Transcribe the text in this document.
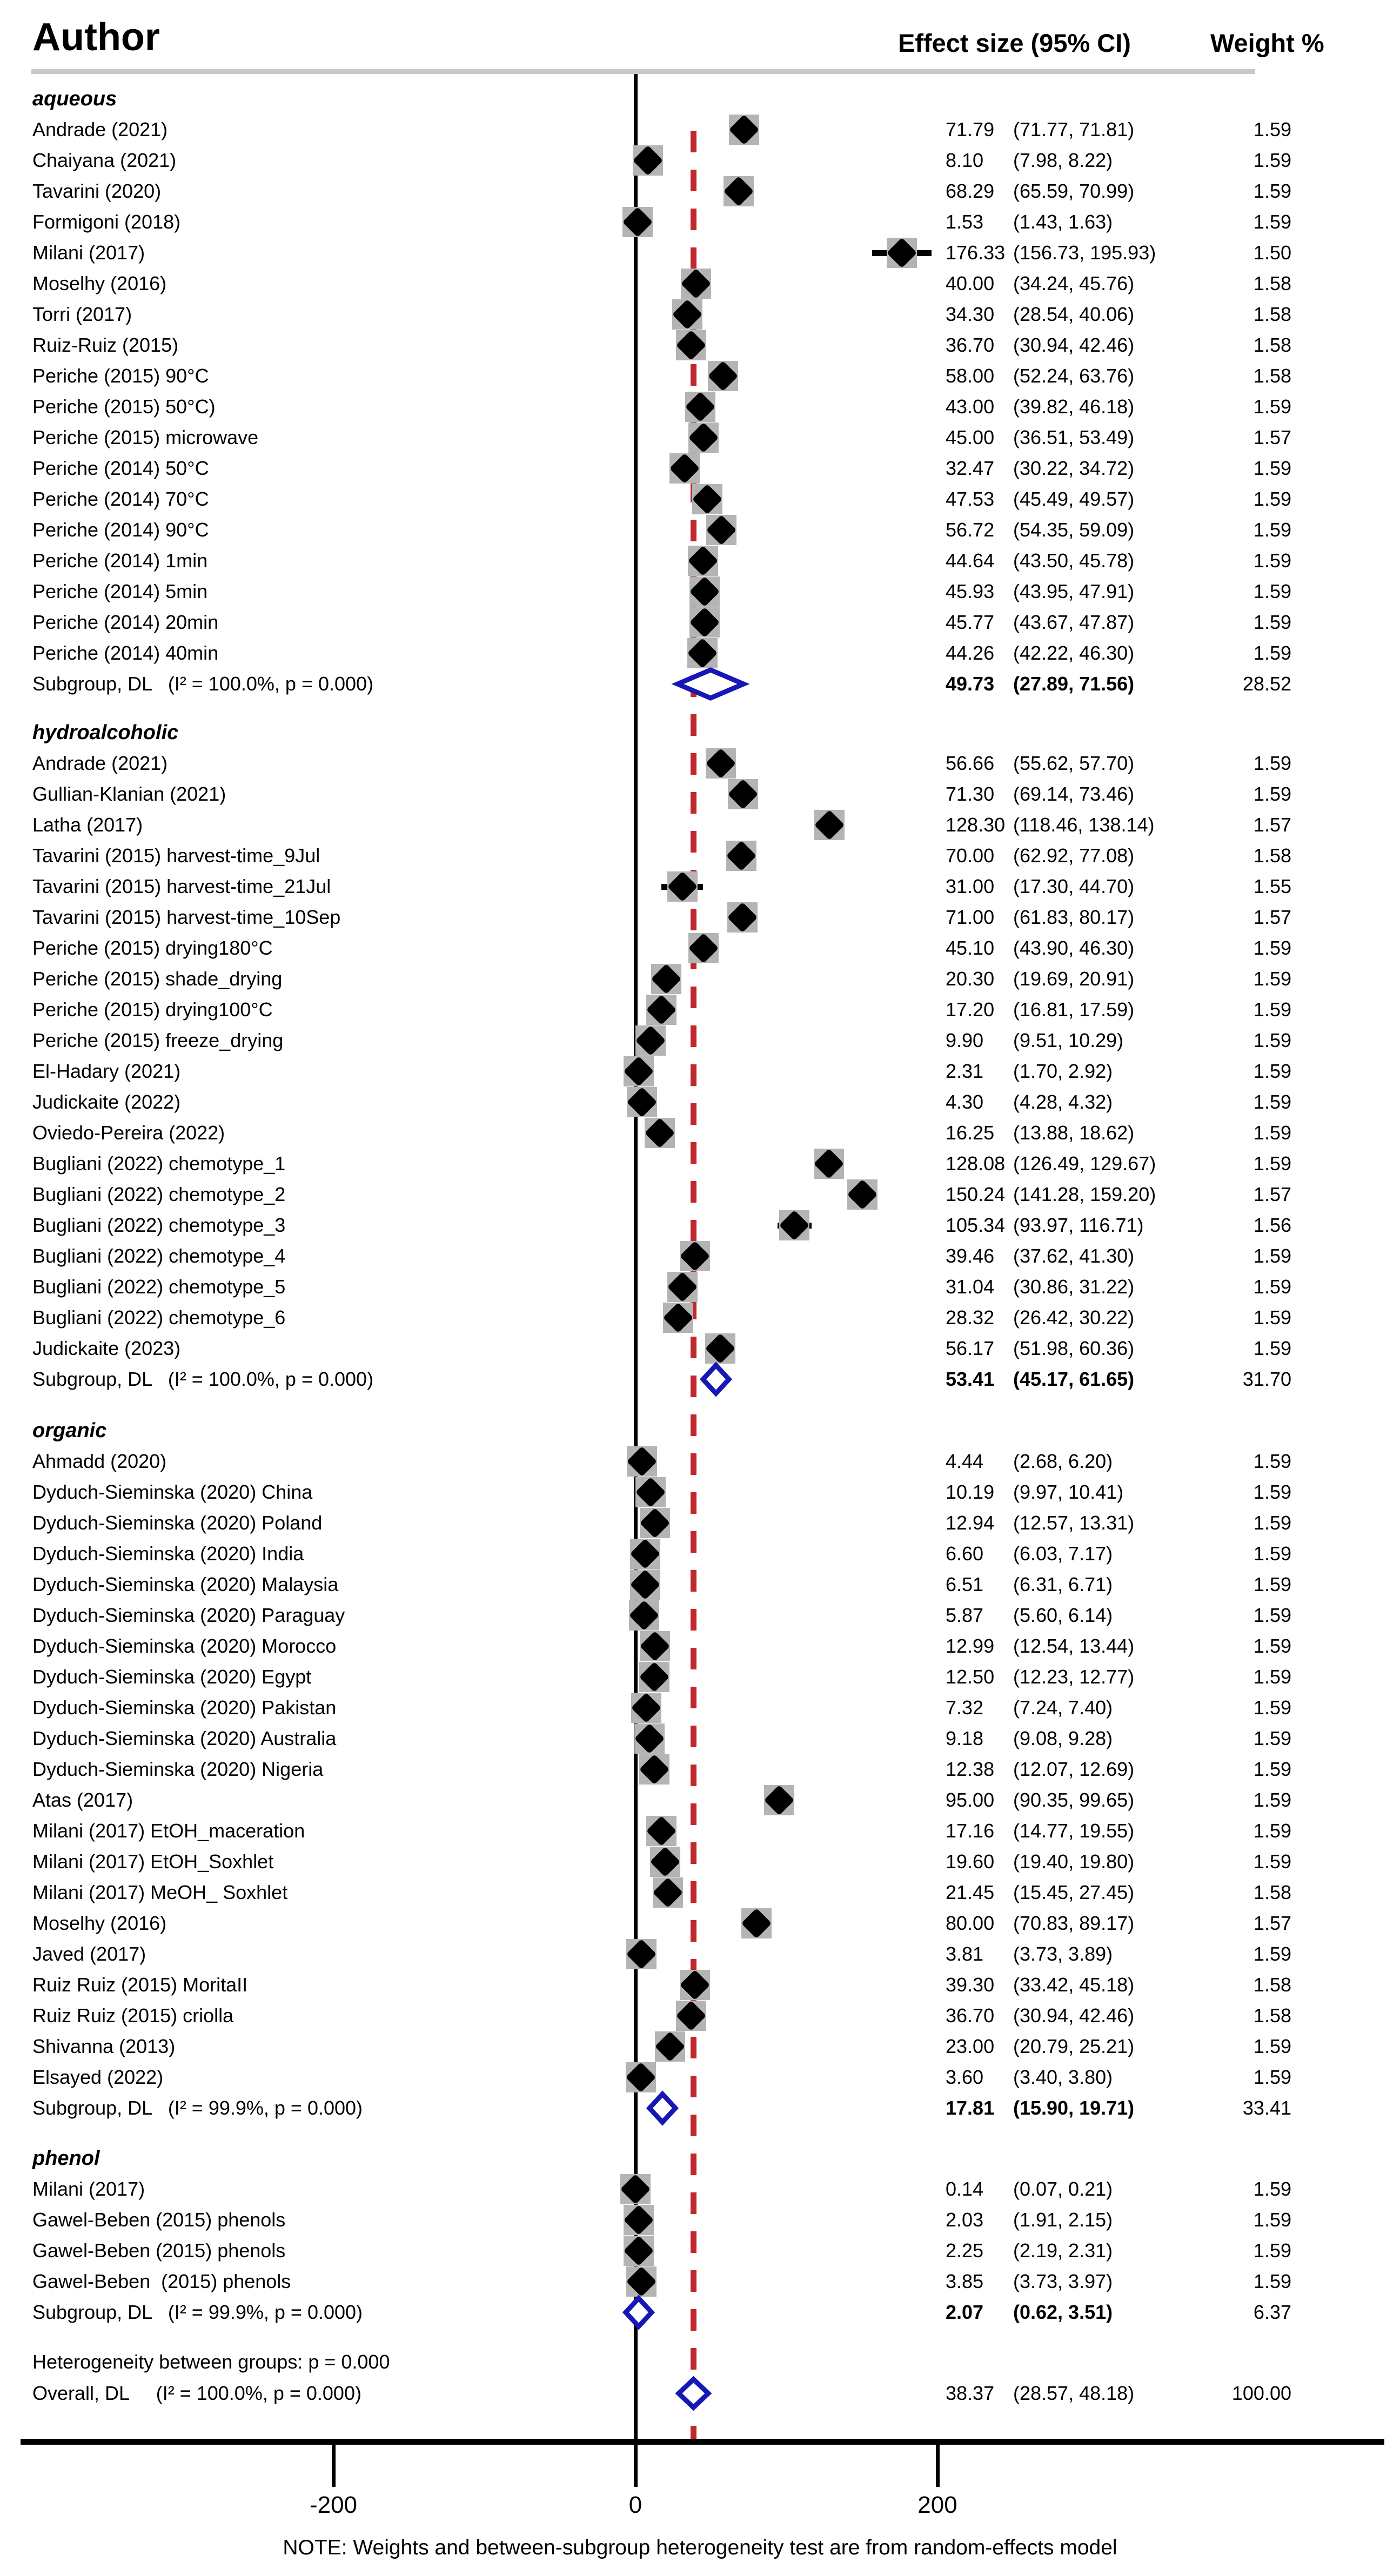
Author	Effect size (95% CI)	Weight %
aqueous
Andrade (2021)	71.79 (71.77, 71.81)	1.59
Chaiyana (2021)	8.10 (7.98, 8.22)	1.59
Tavarini (2020)	68.29 (65.59, 70.99)	1.59
Formigoni (2018)	1.53 (1.43, 1.63)	1.59
Milani (2017)	176.33 (156.73, 195.93)	1.50
Moselhy (2016)	40.00 (34.24, 45.76)	1.58
Torri (2017)	34.30 (28.54, 40.06)	1.58
Ruiz-Ruiz (2015)	36.70 (30.94, 42.46)	1.58
Periche (2015) 90°C	58.00 (52.24, 63.76)	1.58
Periche (2015) 50°C)	43.00 (39.82, 46.18)	1.59
Periche (2015) microwave	45.00 (36.51, 53.49)	1.57
Periche (2014) 50°C	32.47 (30.22, 34.72)	1.59
Periche (2014) 70°C	47.53 (45.49, 49.57)	1.59
Periche (2014) 90°C	56.72 (54.35, 59.09)	1.59
Periche (2014) 1min	44.64 (43.50, 45.78)	1.59
Periche (2014) 5min	45.93 (43.95, 47.91)	1.59
Periche (2014) 20min	45.77 (43.67, 47.87)	1.59
Periche (2014) 40min	44.26 (42.22, 46.30)	1.59
Subgroup, DL   (I² = 100.0%, p = 0.000)	49.73 (27.89, 71.56)	28.52
hydroalcoholic
Andrade (2021)	56.66 (55.62, 57.70)	1.59
Gullian-Klanian (2021)	71.30 (69.14, 73.46)	1.59
Latha (2017)	128.30 (118.46, 138.14)	1.57
Tavarini (2015) harvest-time_9Jul	70.00 (62.92, 77.08)	1.58
Tavarini (2015) harvest-time_21Jul	31.00 (17.30, 44.70)	1.55
Tavarini (2015) harvest-time_10Sep	71.00 (61.83, 80.17)	1.57
Periche (2015) drying180°C	45.10 (43.90, 46.30)	1.59
Periche (2015) shade_drying	20.30 (19.69, 20.91)	1.59
Periche (2015) drying100°C	17.20 (16.81, 17.59)	1.59
Periche (2015) freeze_drying	9.90 (9.51, 10.29)	1.59
El-Hadary (2021)	2.31 (1.70, 2.92)	1.59
Judickaite (2022)	4.30 (4.28, 4.32)	1.59
Oviedo-Pereira (2022)	16.25 (13.88, 18.62)	1.59
Bugliani (2022) chemotype_1	128.08 (126.49, 129.67)	1.59
Bugliani (2022) chemotype_2	150.24 (141.28, 159.20)	1.57
Bugliani (2022) chemotype_3	105.34 (93.97, 116.71)	1.56
Bugliani (2022) chemotype_4	39.46 (37.62, 41.30)	1.59
Bugliani (2022) chemotype_5	31.04 (30.86, 31.22)	1.59
Bugliani (2022) chemotype_6	28.32 (26.42, 30.22)	1.59
Judickaite (2023)	56.17 (51.98, 60.36)	1.59
Subgroup, DL   (I² = 100.0%, p = 0.000)	53.41 (45.17, 61.65)	31.70
organic
Ahmadd (2020)	4.44 (2.68, 6.20)	1.59
Dyduch-Sieminska (2020) China	10.19 (9.97, 10.41)	1.59
Dyduch-Sieminska (2020) Poland	12.94 (12.57, 13.31)	1.59
Dyduch-Sieminska (2020) India	6.60 (6.03, 7.17)	1.59
Dyduch-Sieminska (2020) Malaysia	6.51 (6.31, 6.71)	1.59
Dyduch-Sieminska (2020) Paraguay	5.87 (5.60, 6.14)	1.59
Dyduch-Sieminska (2020) Morocco	12.99 (12.54, 13.44)	1.59
Dyduch-Sieminska (2020) Egypt	12.50 (12.23, 12.77)	1.59
Dyduch-Sieminska (2020) Pakistan	7.32 (7.24, 7.40)	1.59
Dyduch-Sieminska (2020) Australia	9.18 (9.08, 9.28)	1.59
Dyduch-Sieminska (2020) Nigeria	12.38 (12.07, 12.69)	1.59
Atas (2017)	95.00 (90.35, 99.65)	1.59
Milani (2017) EtOH_maceration	17.16 (14.77, 19.55)	1.59
Milani (2017) EtOH_Soxhlet	19.60 (19.40, 19.80)	1.59
Milani (2017) MeOH_ Soxhlet	21.45 (15.45, 27.45)	1.58
Moselhy (2016)	80.00 (70.83, 89.17)	1.57
Javed (2017)	3.81 (3.73, 3.89)	1.59
Ruiz Ruiz (2015) MoritaII	39.30 (33.42, 45.18)	1.58
Ruiz Ruiz (2015) criolla	36.70 (30.94, 42.46)	1.58
Shivanna (2013)	23.00 (20.79, 25.21)	1.59
Elsayed (2022)	3.60 (3.40, 3.80)	1.59
Subgroup, DL   (I² = 99.9%, p = 0.000)	17.81 (15.90, 19.71)	33.41
phenol
Milani (2017)	0.14 (0.07, 0.21)	1.59
Gawel-Beben (2015) phenols	2.03 (1.91, 2.15)	1.59
Gawel-Beben (2015) phenols	2.25 (2.19, 2.31)	1.59
Gawel-Beben  (2015) phenols	3.85 (3.73, 3.97)	1.59
Subgroup, DL   (I² = 99.9%, p = 0.000)	2.07 (0.62, 3.51)	6.37
Overall, DL     (I² = 100.0%, p = 0.000)	38.37 (28.57, 48.18)	100.00
Heterogeneity between groups: p = 0.000
-200	0	200
NOTE: Weights and between-subgroup heterogeneity test are from random-effects model
